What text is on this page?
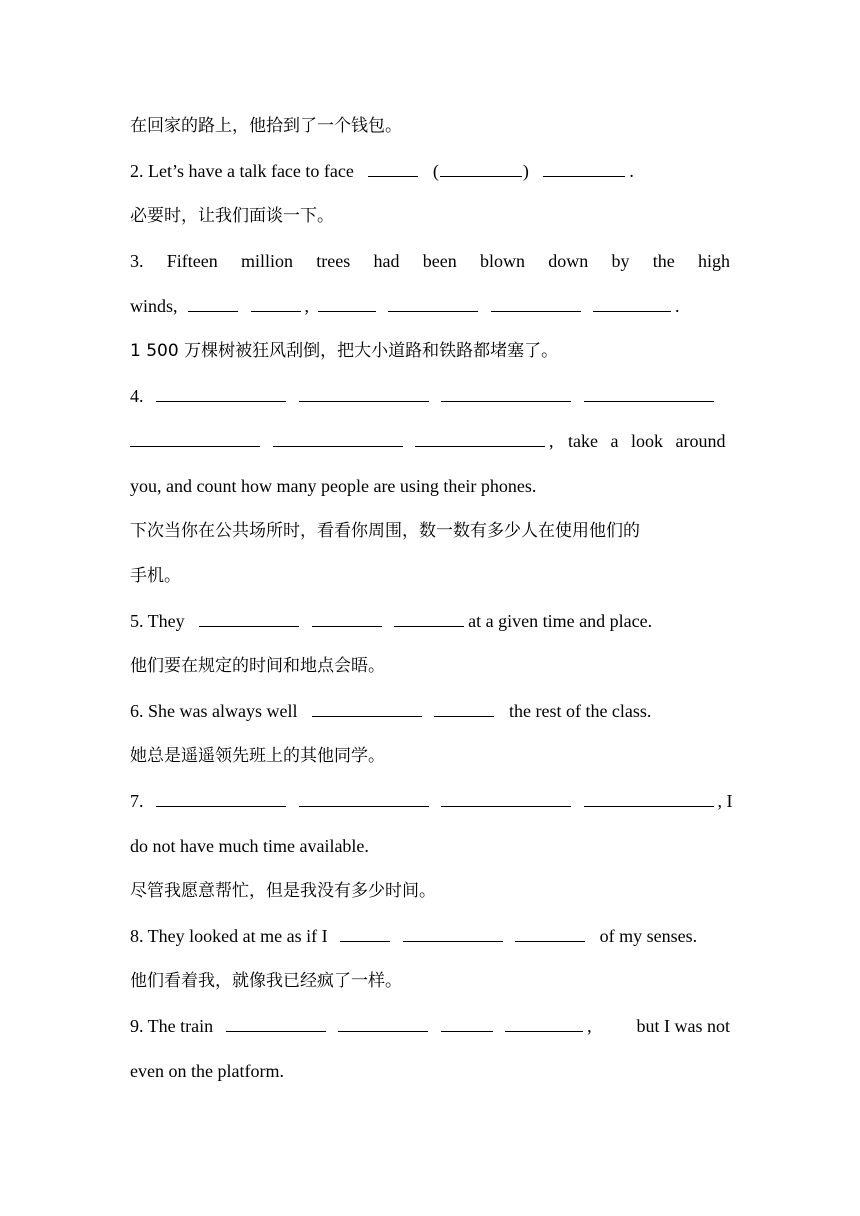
在回家的路上，他拾到了一个钱包。
2. Let’s have a talk face to face	(	)	.
必要时，让我们面谈一下。
3. Fifteen million trees had been blown down by the high
winds,	,	.
1 500 万棵树被狂风刮倒，把大小道路和铁路都堵塞了。
4.
, take a look around
you, and count how many people are using their phones.
下次当你在公共场所时，看看你周围，数一数有多少人在使用他们的
手机。
5. They	at a given time and place.
他们要在规定的时间和地点会晤。
6. She was always well	the rest of the class.
她总是遥遥领先班上的其他同学。
7.	, I
do not have much time available.
尽管我愿意帮忙，但是我没有多少时间。
8. They looked at me as if I	of my senses.
他们看着我，就像我已经疯了一样。
9. The train	, but I was not
even on the platform.
